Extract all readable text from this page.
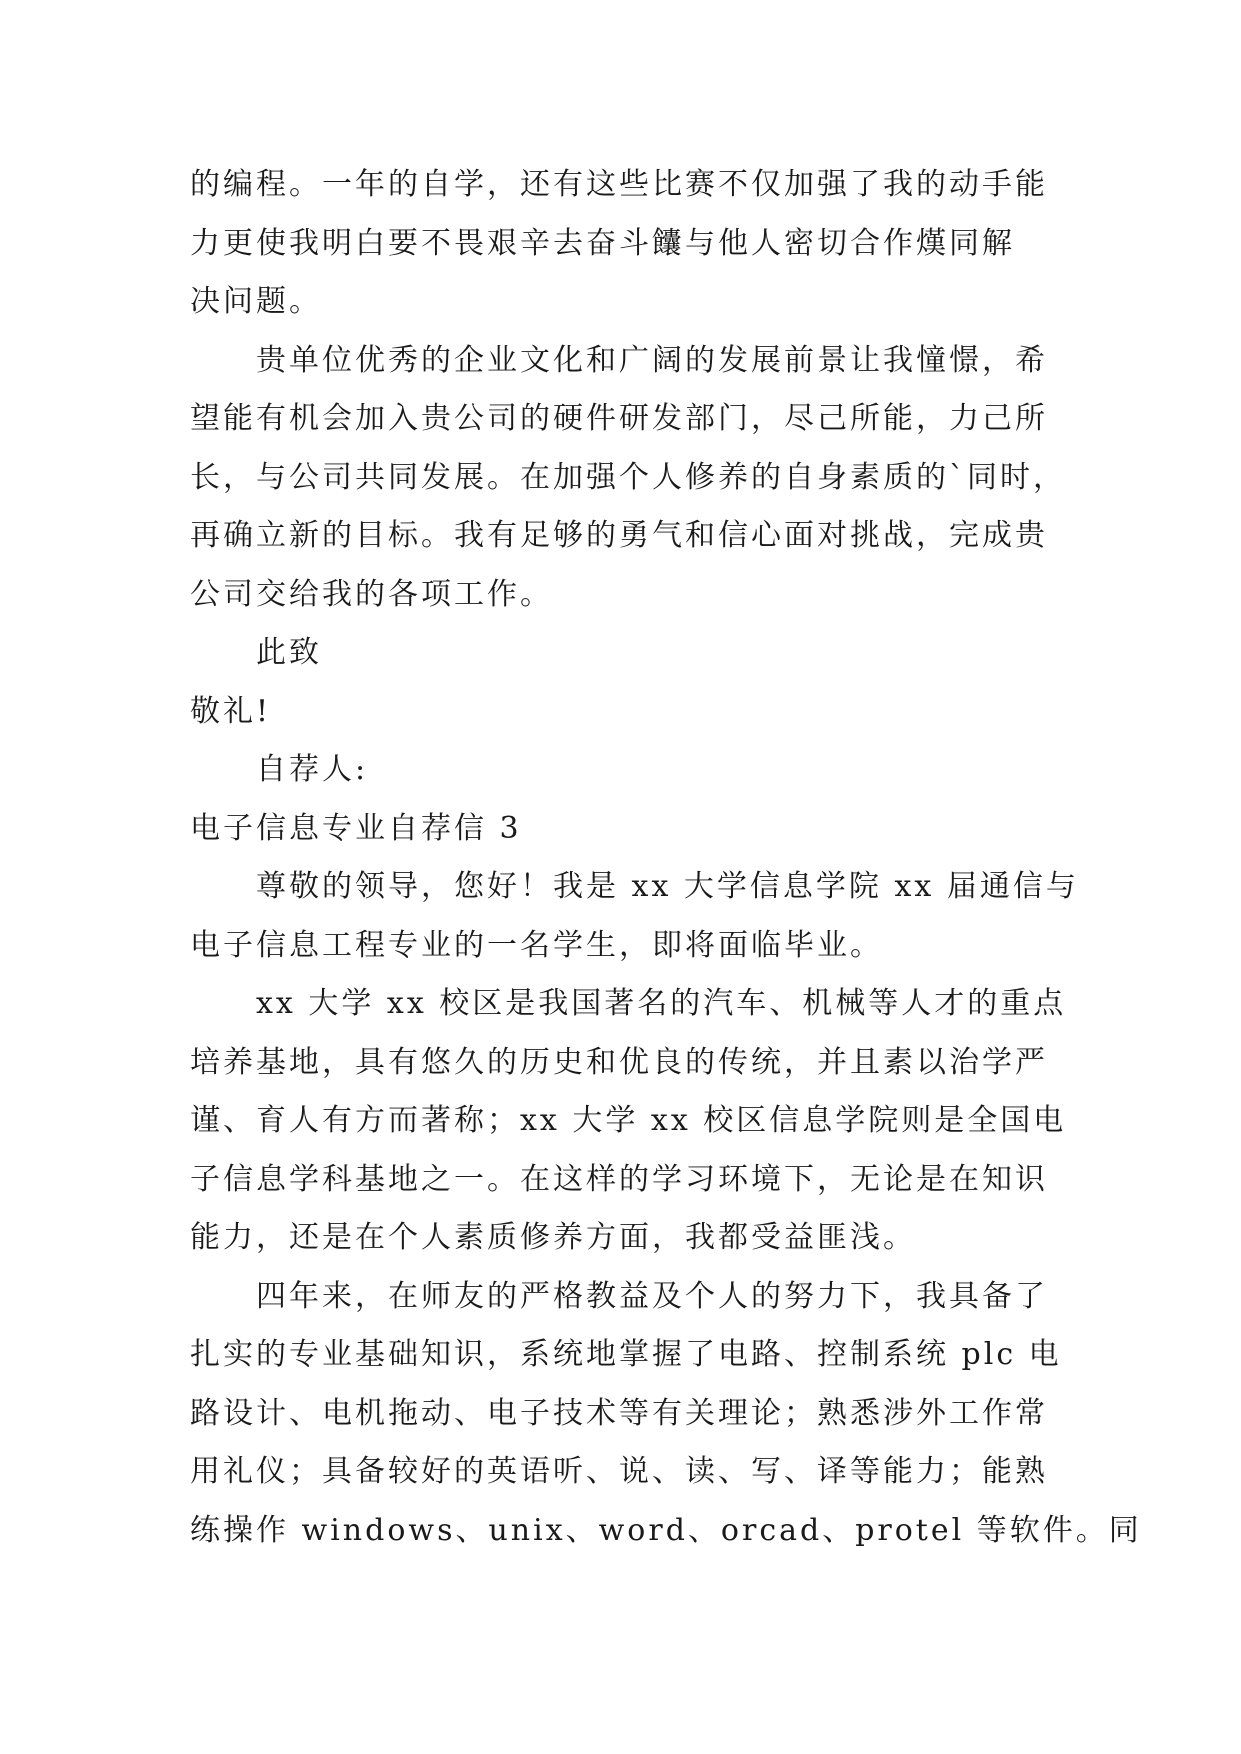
的编程。一年的自学，还有这些比赛不仅加强了我的动手能
力更使我明白要不畏艰辛去奋斗饢与他人密切合作熯同解
决问题。
贵单位优秀的企业文化和广阔的发展前景让我憧憬，希
望能有机会加入贵公司的硬件研发部门，尽己所能，力己所
长，与公司共同发展。在加强个人修养的自身素质的`同时，
再确立新的目标。我有足够的勇气和信心面对挑战，完成贵
公司交给我的各项工作。
此致
敬礼!
自荐人:
电子信息专业自荐信 3
尊敬的领导，您好！我是 xx 大学信息学院 xx 届通信与
电子信息工程专业的一名学生，即将面临毕业。
xx 大学 xx 校区是我国著名的汽车、机械等人才的重点
培养基地，具有悠久的历史和优良的传统，并且素以治学严
谨、育人有方而著称；xx 大学 xx 校区信息学院则是全国电
子信息学科基地之一。在这样的学习环境下，无论是在知识
能力，还是在个人素质修养方面，我都受益匪浅。
四年来，在师友的严格教益及个人的努力下，我具备了
扎实的专业基础知识，系统地掌握了电路、控制系统 plc 电
路设计、电机拖动、电子技术等有关理论；熟悉涉外工作常
用礼仪；具备较好的英语听、说、读、写、译等能力；能熟
练操作 windows、unix、word、orcad、protel 等软件。同
